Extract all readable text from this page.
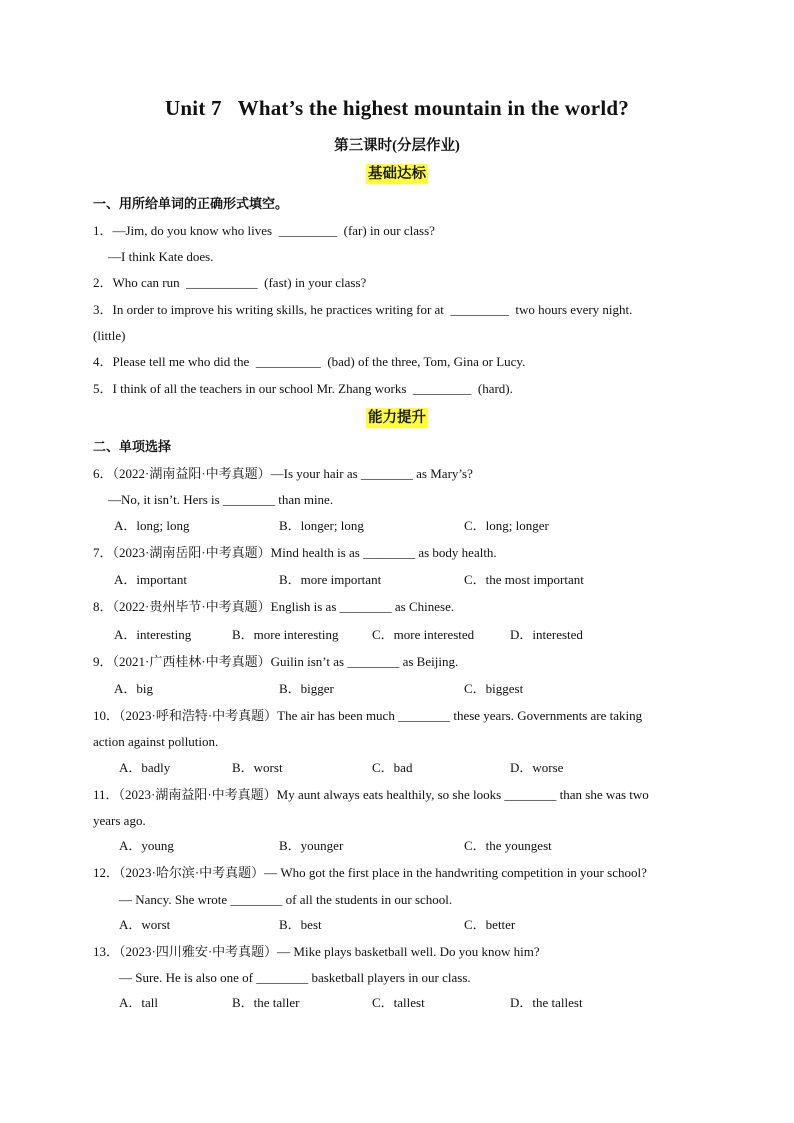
Unit 7   What’s the highest mountain in the world?
第三课时(分层作业)
基础达标
一、用所给单词的正确形式填空。
1．—Jim, do you know who lives  _________  (far) in our class?
—I think Kate does.
2．Who can run  ___________  (fast) in your class?
3．In order to improve his writing skills, he practices writing for at  _________  two hours every night.
(little)
4．Please tell me who did the  __________  (bad) of the three, Tom, Gina or Lucy.
5．I think of all the teachers in our school Mr. Zhang works  _________  (hard).
能力提升
二、单项选择
6．（2022·湖南益阳·中考真题）—Is your hair as ________ as Mary’s?
—No, it isn’t. Hers is ________ than mine.
A．long; long	B．longer; long	C．long; longer
7．（2023·湖南岳阳·中考真题）Mind health is as ________ as body health.
A．important	B．more important	C．the most important
8．（2022·贵州毕节·中考真题）English is as ________ as Chinese.
A．interesting	B．more interesting	C．more interested	D．interested
9．（2021·广西桂林·中考真题）Guilin isn’t as ________ as Beijing.
A．big	B．bigger	C．biggest
10．（2023·呼和浩特·中考真题）The air has been much ________ these years. Governments are taking
action against pollution.
A．badly	B．worst	C．bad	D．worse
11．（2023·湖南益阳·中考真题）My aunt always eats healthily, so she looks ________ than she was two
years ago.
A．young	B．younger	C．the youngest
12．（2023·哈尔滨·中考真题）— Who got the first place in the handwriting competition in your school?
— Nancy. She wrote ________ of all the students in our school.
A．worst	B．best	C．better
13．（2023·四川雅安·中考真题）— Mike plays basketball well. Do you know him?
— Sure. He is also one of ________ basketball players in our class.
A．tall	B．the taller	C．tallest	D．the tallest
